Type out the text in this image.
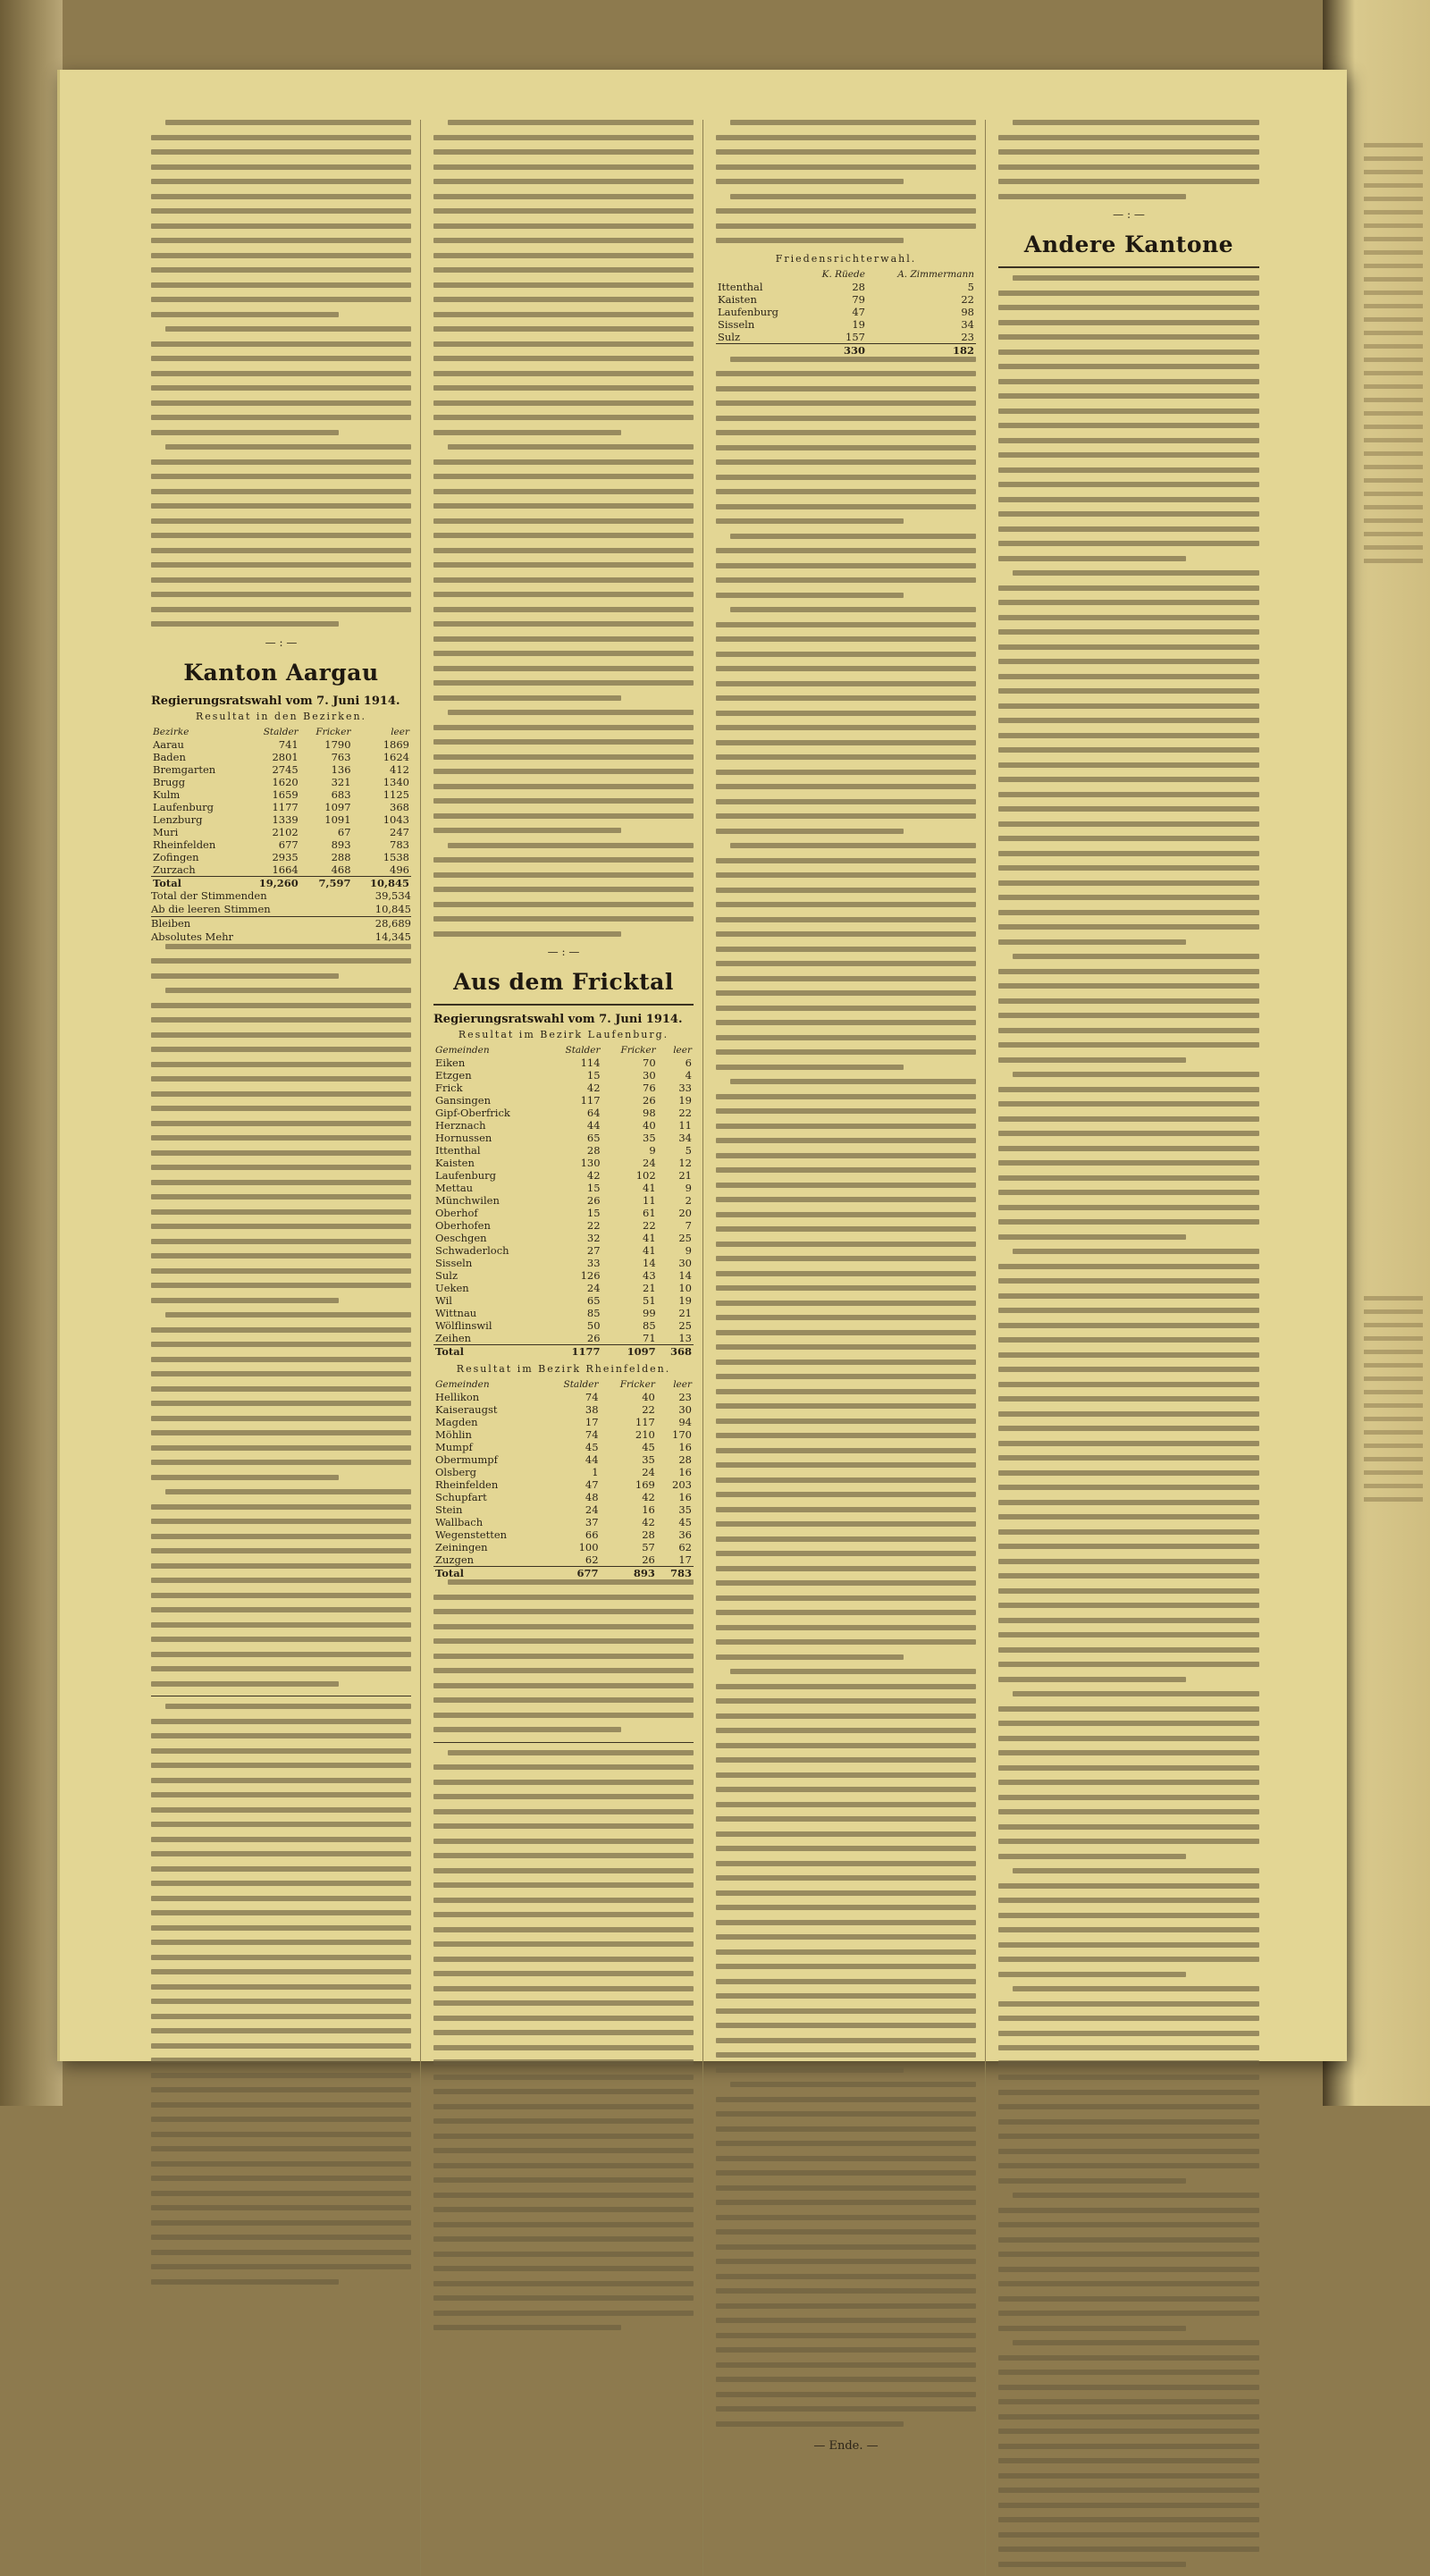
— : —
Kanton Aargau
Regierungsratswahl vom 7. Juni 1914.
Resultat in den Bezirken.
Bezirke	Stalder	Fricker	leer
Aarau	741	1790	1869
Baden	2801	763	1624
Bremgarten	2745	136	412
Brugg	1620	321	1340
Kulm	1659	683	1125
Laufenburg	1177	1097	368
Lenzburg	1339	1091	1043
Muri	2102	67	247
Rheinfelden	677	893	783
Zofingen	2935	288	1538
Zurzach	1664	468	496
Total	19,260	7,597	10,845
Total der Stimmenden	39,534
Ab die leeren Stimmen	10,845
Bleiben	28,689
Absolutes Mehr	14,345
— : —
Aus dem Fricktal
Regierungsratswahl vom 7. Juni 1914.
Resultat im Bezirk Laufenburg.
Gemeinden	Stalder	Fricker	leer
Eiken	114	70	6
Etzgen	15	30	4
Frick	42	76	33
Gansingen	117	26	19
Gipf-Oberfrick	64	98	22
Herznach	44	40	11
Hornussen	65	35	34
Ittenthal	28	9	5
Kaisten	130	24	12
Laufenburg	42	102	21
Mettau	15	41	9
Münchwilen	26	11	2
Oberhof	15	61	20
Oberhofen	22	22	7
Oeschgen	32	41	25
Schwaderloch	27	41	9
Sisseln	33	14	30
Sulz	126	43	14
Ueken	24	21	10
Wil	65	51	19
Wittnau	85	99	21
Wölflinswil	50	85	25
Zeihen	26	71	13
Total	1177	1097	368
Resultat im Bezirk Rheinfelden.
Gemeinden	Stalder	Fricker	leer
Hellikon	74	40	23
Kaiseraugst	38	22	30
Magden	17	117	94
Möhlin	74	210	170
Mumpf	45	45	16
Obermumpf	44	35	28
Olsberg	1	24	16
Rheinfelden	47	169	203
Schupfart	48	42	16
Stein	24	16	35
Wallbach	37	42	45
Wegenstetten	66	28	36
Zeiningen	100	57	62
Zuzgen	62	26	17
Total	677	893	783
Friedensrichterwahl.
	K. Rüede	A. Zimmermann
Ittenthal	28	5
Kaisten	79	22
Laufenburg	47	98
Sisseln	19	34
Sulz	157	23
	330	182
— Ende. —
— : —
Andere Kantone
